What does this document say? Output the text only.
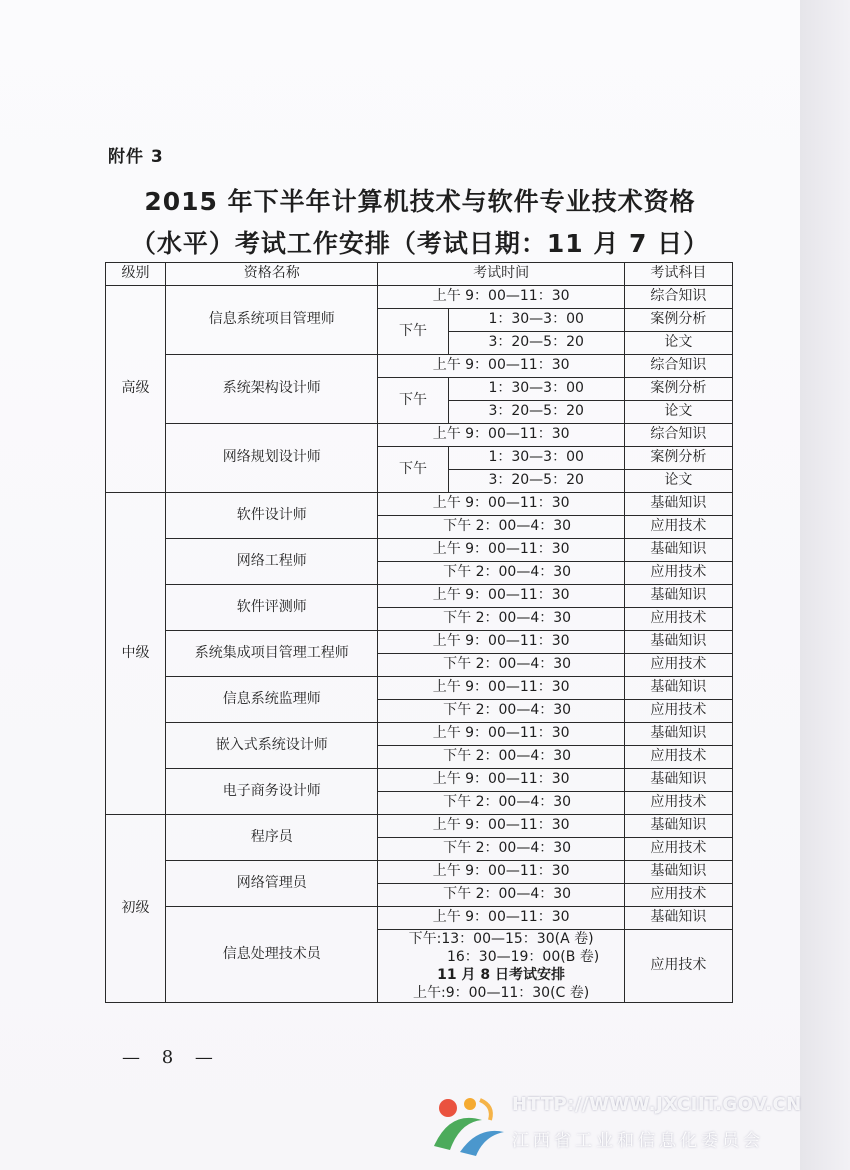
附件 3
2015 年下半年计算机技术与软件专业技术资格
（水平）考试工作安排（考试日期：11 月 7 日）
级别	资格名称	考试时间		考试科目
高级	信息系统项目管理师	上午 9：00—11：30		综合知识
		下午	1：30—3：00	案例分析
			3：20—5：20	论文
	系统架构设计师	上午 9：00—11：30		综合知识
		下午	1：30—3：00	案例分析
			3：20—5：20	论文
	网络规划设计师	上午 9：00—11：30		综合知识
		下午	1：30—3：00	案例分析
			3：20—5：20	论文
中级	软件设计师	上午 9：00—11：30		基础知识
		下午 2：00—4：30		应用技术
	网络工程师	上午 9：00—11：30		基础知识
		下午 2：00—4：30		应用技术
	软件评测师	上午 9：00—11：30		基础知识
		下午 2：00—4：30		应用技术
	系统集成项目管理工程师	上午 9：00—11：30		基础知识
		下午 2：00—4：30		应用技术
	信息系统监理师	上午 9：00—11：30		基础知识
		下午 2：00—4：30		应用技术
	嵌入式系统设计师	上午 9：00—11：30		基础知识
		下午 2：00—4：30		应用技术
	电子商务设计师	上午 9：00—11：30		基础知识
		下午 2：00—4：30		应用技术
初级	程序员	上午 9：00—11：30		基础知识
		下午 2：00—4：30		应用技术
	网络管理员	上午 9：00—11：30		基础知识
		下午 2：00—4：30		应用技术
	信息处理技术员	上午 9：00—11：30		基础知识

		下午:13：00—15：30(A 卷)
16：30—19：00(B 卷)
11 月 8 日考试安排
上午:9：00—11：30(C 卷)		应用技术
— 8 —
HTTP://WWW.JXCIIT.GOV.CN
江西省工业和信息化委员会
